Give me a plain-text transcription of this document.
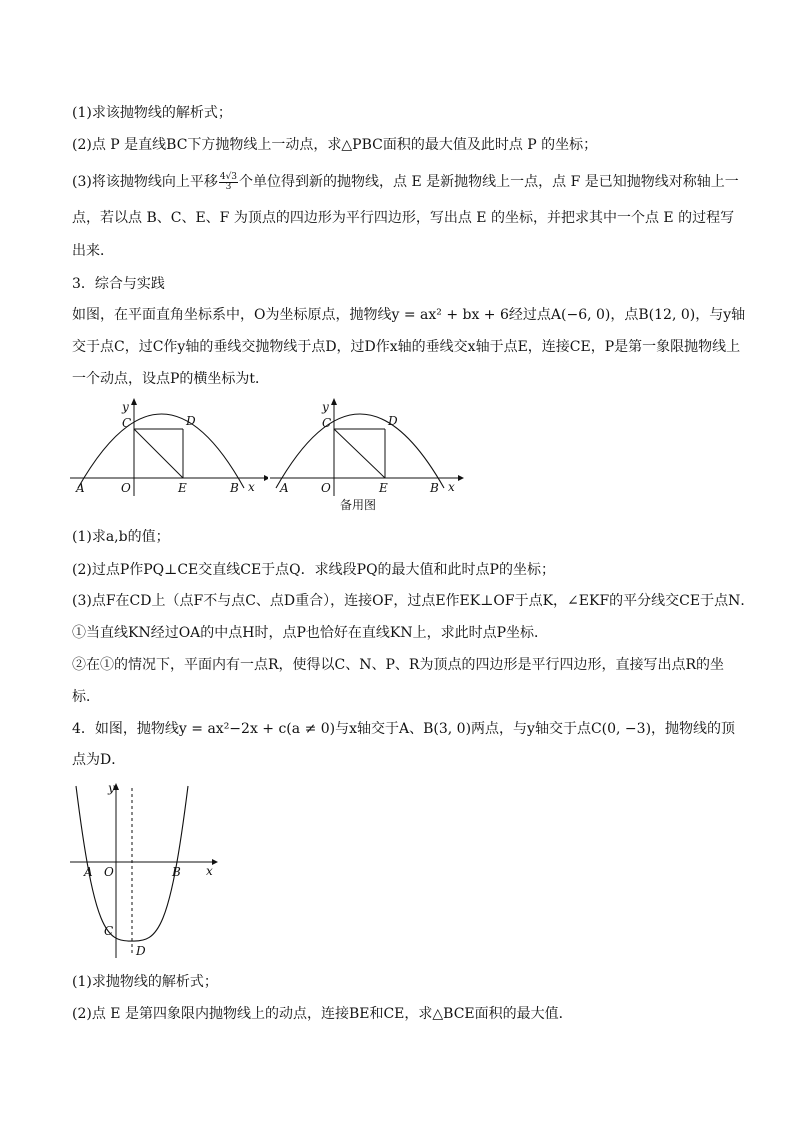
(1)求该抛物线的解析式；
(2)点 P 是直线BC下方抛物线上一动点，求△PBC面积的最大值及此时点 P 的坐标；
(3)将该抛物线向上平移 $\frac{4√3}{3}$ 个单位得到新的抛物线，点 E 是新抛物线上一点，点 F 是已知抛物线对称轴上一
点，若以点 B、C、E、F 为顶点的四边形为平行四边形，写出点 E 的坐标，并把求其中一个点 E 的过程写
出来．
3．综合与实践
如图，在平面直角坐标系中，O为坐标原点，抛物线y = ax² + bx + 6经过点A(−6, 0)，点B(12, 0)，与y轴
交于点C，过C作y轴的垂线交抛物线于点D，过D作x轴的垂线交x轴于点E，连接CE，P是第一象限抛物线上
一个动点，设点P的横坐标为t．
y
C	D
A	O	E	B x
y
C	D
A	O	E	B x
备用图
(1)求a,b的值；
(2)过点P作PQ⊥CE交直线CE于点Q．求线段PQ的最大值和此时点P的坐标；
(3)点F在CD上（点F不与点C、点D重合），连接OF，过点E作EK⊥OF于点K，∠EKF的平分线交CE于点N．
①当直线KN经过OA的中点H时，点P也恰好在直线KN上，求此时点P坐标．
②在①的情况下，平面内有一点R，使得以C、N、P、R为顶点的四边形是平行四边形，直接写出点R的坐
标．
4．如图，抛物线y = ax²−2x + c(a ≠ 0)与x轴交于A、B(3, 0)两点，与y轴交于点C(0, −3)，抛物线的顶
点为D．
y
x
A O	B
C
D
(1)求抛物线的解析式；
(2)点 E 是第四象限内抛物线上的动点，连接BE和CE，求△BCE面积的最大值．
